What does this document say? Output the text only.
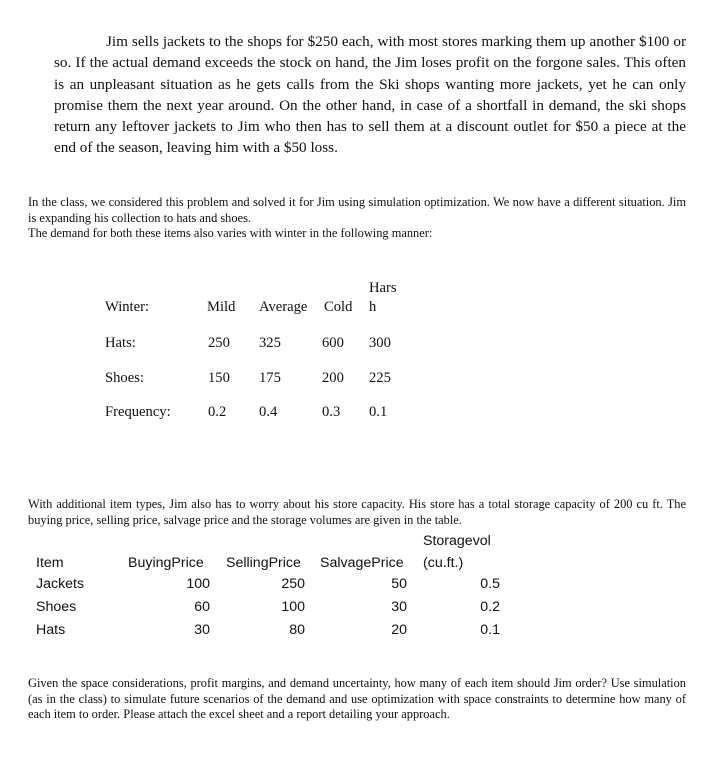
Jim sells jackets to the shops for $250 each, with most stores marking them up another $100 or so. If the actual demand exceeds the stock on hand, the Jim loses profit on the forgone sales. This often is an unpleasant situation as he gets calls from the Ski shops wanting more jackets, yet he can only promise them the next year around. On the other hand, in case of a shortfall in demand, the ski shops return any leftover jackets to Jim who then has to sell them at a discount outlet for $50 a piece at the end of the season, leaving him with a $50 loss.
In the class, we considered this problem and solved it for Jim using simulation optimization. We now have a different situation. Jim is expanding his collection to hats and shoes.
The demand for both these items also varies with winter in the following manner:
Hars
Winter:	Mild Average Cold h
Hats:	250 325	600 300
Shoes:	150 175	200 225
Frequency:	0.2 0.4	0.3 0.1
With additional item types, Jim also has to worry about his store capacity. His store has a total storage capacity of 200 cu ft. The buying price, selling price, salvage price and the storage volumes are given in the table.
Storagevol
Item	BuyingPrice SellingPrice SalvagePrice (cu.ft.)
Jackets	100	250	50	0.5
Shoes	60	100	30	0.2
Hats	30	80	20	0.1
Given the space considerations, profit margins, and demand uncertainty, how many of each item should Jim order? Use simulation (as in the class) to simulate future scenarios of the demand and use optimization with space constraints to determine how many of each item to order. Please attach the excel sheet and a report detailing your approach.
